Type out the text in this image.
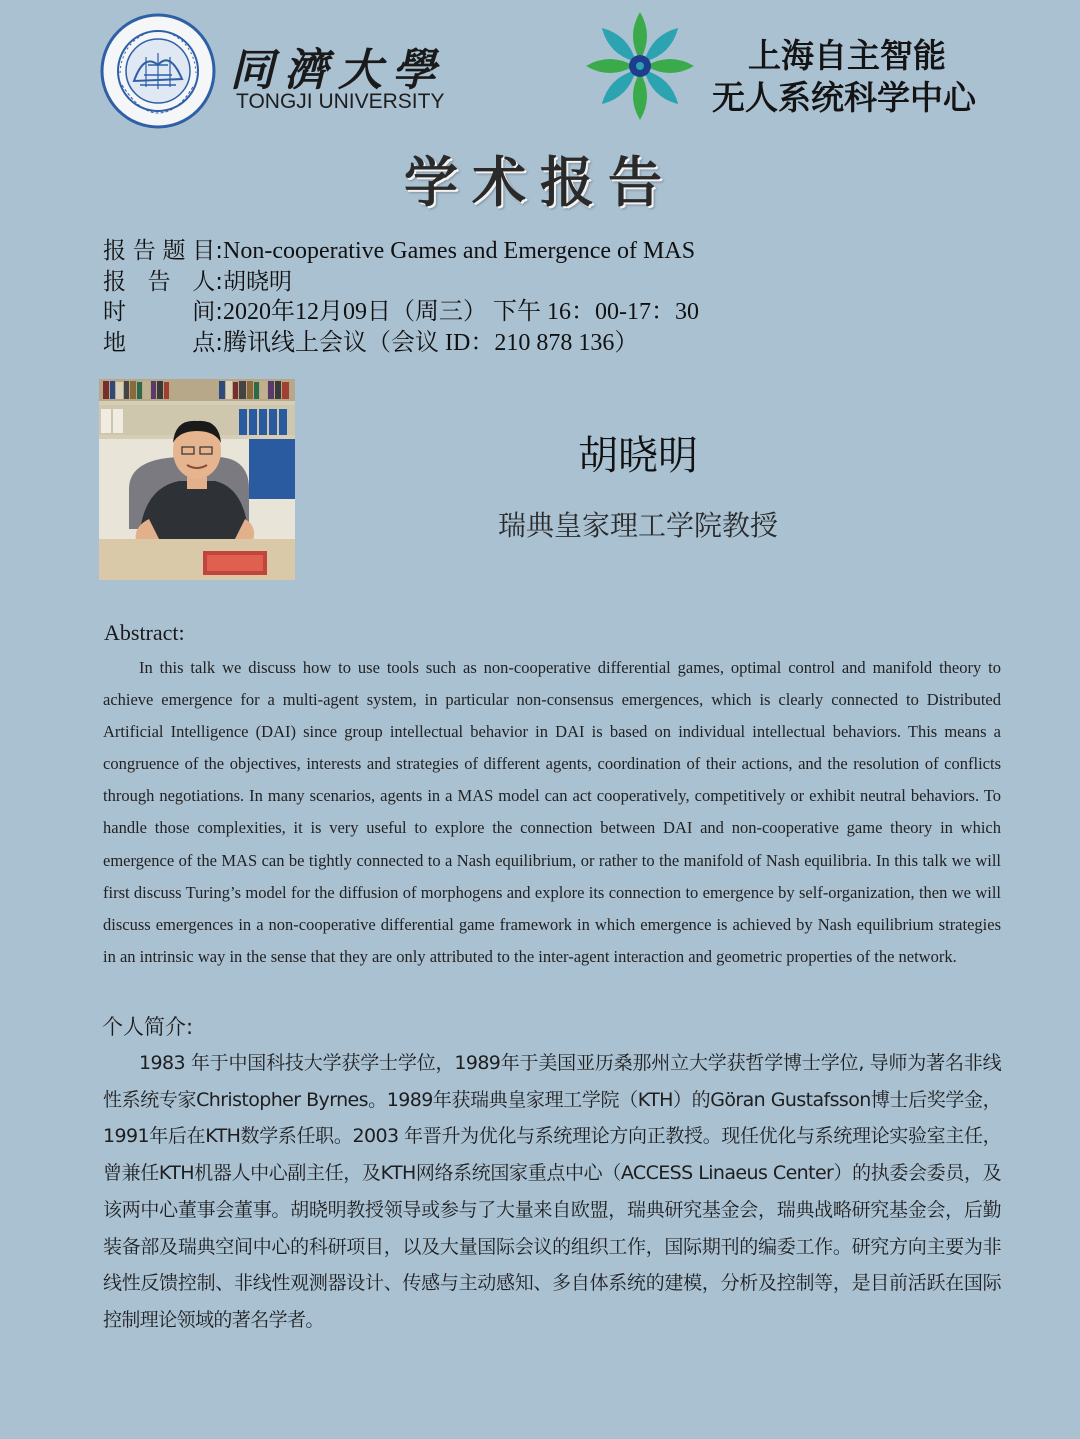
同濟大學
TONGJI UNIVERSITY
上海自主智能
无人系统科学中心
学术报告
报 告 题 目: Non-cooperative Games and Emergence of MAS
报 告 人: 胡晓明
时	间: 2020年12月09日（周三） 下午 16：00-17：30
地	点: 腾讯线上会议（会议 ID：210 878 136）
胡晓明
瑞典皇家理工学院教授
Abstract:
In this talk we discuss how to use tools such as non-cooperative differential games, optimal control and manifold theory to achieve emergence for a multi-agent system, in particular non-consensus emergences, which is clearly connected to Distributed Artificial Intelligence (DAI) since group intellectual behavior in DAI is based on individual intellectual behaviors. This means a congruence of the objectives, interests and strategies of different agents, coordination of their actions, and the resolution of conflicts through negotiations. In many scenarios, agents in a MAS model can act cooperatively, competitively or exhibit neutral behaviors. To handle those complexities, it is very useful to explore the connection between DAI and non-cooperative game theory in which emergence of the MAS can be tightly connected to a Nash equilibrium, or rather to the manifold of Nash equilibria. In this talk we will first discuss Turing’s model for the diffusion of morphogens and explore its connection to emergence by self-organization, then we will discuss emergences in a non-cooperative differential game framework in which emergence is achieved by Nash equilibrium strategies in an intrinsic way in the sense that they are only attributed to the inter-agent interaction and geometric properties of the network.
个人简介:
1983 年于中国科技大学获学士学位，1989年于美国亚历桑那州立大学获哲学博士学位, 导师为著名非线性系统专家Christopher Byrnes。1989年获瑞典皇家理工学院（KTH）的Göran Gustafsson博士后奖学金，1991年后在KTH数学系任职。2003 年晋升为优化与系统理论方向正教授。现任优化与系统理论实验室主任，曾兼任KTH机器人中心副主任，及KTH网络系统国家重点中心（ACCESS Linaeus Center）的执委会委员，及该两中心董事会董事。胡晓明教授领导或参与了大量来自欧盟，瑞典研究基金会，瑞典战略研究基金会，后勤装备部及瑞典空间中心的科研项目，以及大量国际会议的组织工作，国际期刊的编委工作。研究方向主要为非线性反馈控制、非线性观测器设计、传感与主动感知、多自体系统的建模，分析及控制等，是目前活跃在国际控制理论领域的著名学者。
